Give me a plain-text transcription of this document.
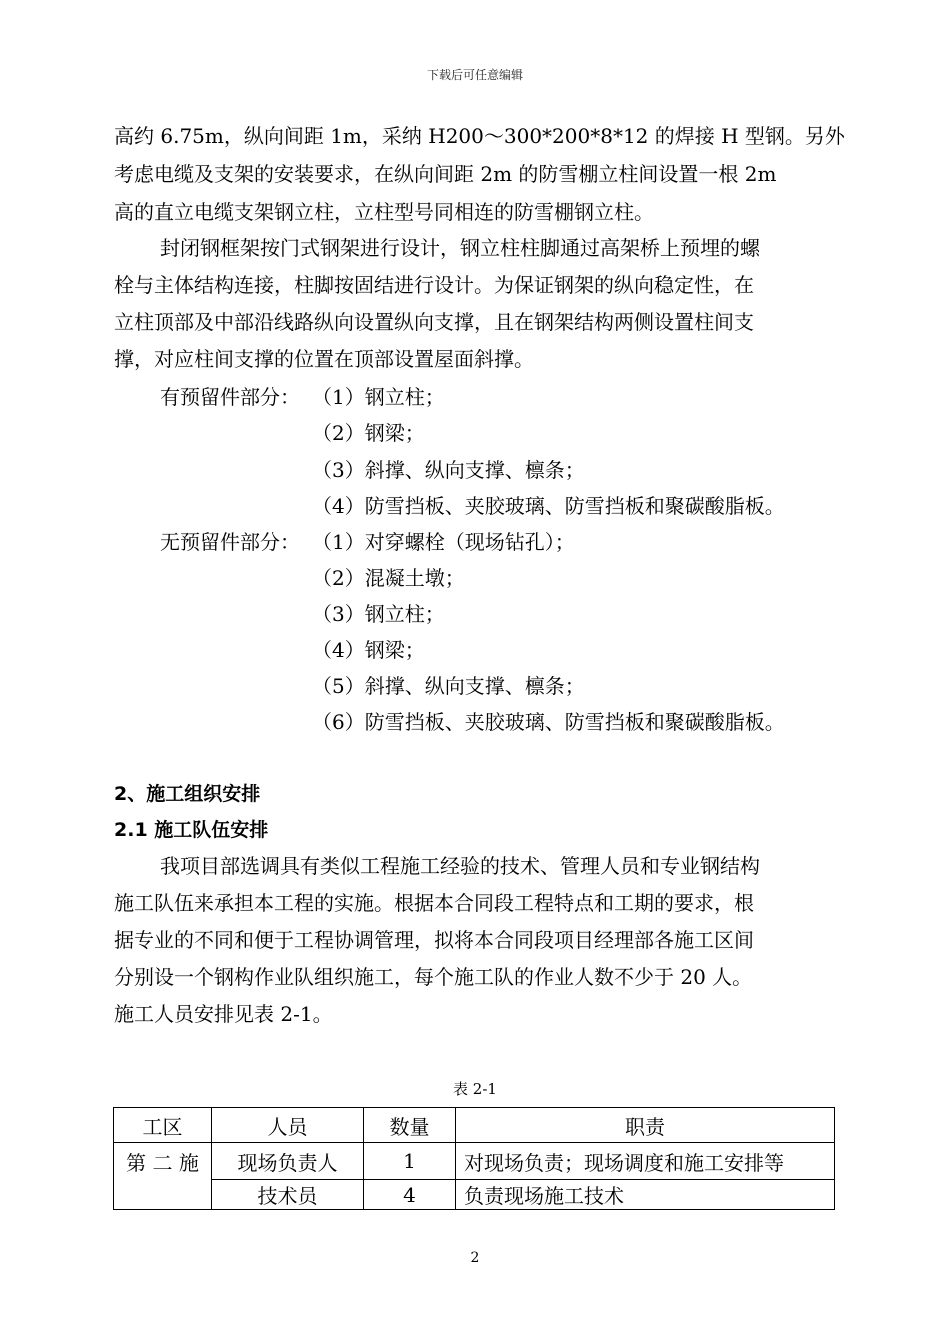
下载后可任意编辑
高约 6.75m，纵向间距 1m，采纳 H200～300*200*8*12 的焊接 H 型钢。另外
考虑电缆及支架的安装要求，在纵向间距 2m 的防雪棚立柱间设置一根 2m
高的直立电缆支架钢立柱，立柱型号同相连的防雪棚钢立柱。
封闭钢框架按门式钢架进行设计，钢立柱柱脚通过高架桥上预埋的螺
栓与主体结构连接，柱脚按固结进行设计。为保证钢架的纵向稳定性，在
立柱顶部及中部沿线路纵向设置纵向支撑，且在钢架结构两侧设置柱间支
撑，对应柱间支撑的位置在顶部设置屋面斜撑。
有预留件部分： （1）钢立柱；
（2）钢梁；
（3）斜撑、纵向支撑、檩条；
（4）防雪挡板、夹胶玻璃、防雪挡板和聚碳酸脂板。
无预留件部分： （1）对穿螺栓（现场钻孔）；
（2）混凝土墩；
（3）钢立柱；
（4）钢梁；
（5）斜撑、纵向支撑、檩条；
（6）防雪挡板、夹胶玻璃、防雪挡板和聚碳酸脂板。
2、施工组织安排
2.1 施工队伍安排
我项目部选调具有类似工程施工经验的技术、管理人员和专业钢结构
施工队伍来承担本工程的实施。根据本合同段工程特点和工期的要求，根
据专业的不同和便于工程协调管理，拟将本合同段项目经理部各施工区间
分别设一个钢构作业队组织施工，每个施工队的作业人数不少于 20 人。
施工人员安排见表 2-1。
表 2-1
工区	人员	数量	职责
第 二 施	现场负责人	1	对现场负责；现场调度和施工安排等
	技术员	4	负责现场施工技术
2
